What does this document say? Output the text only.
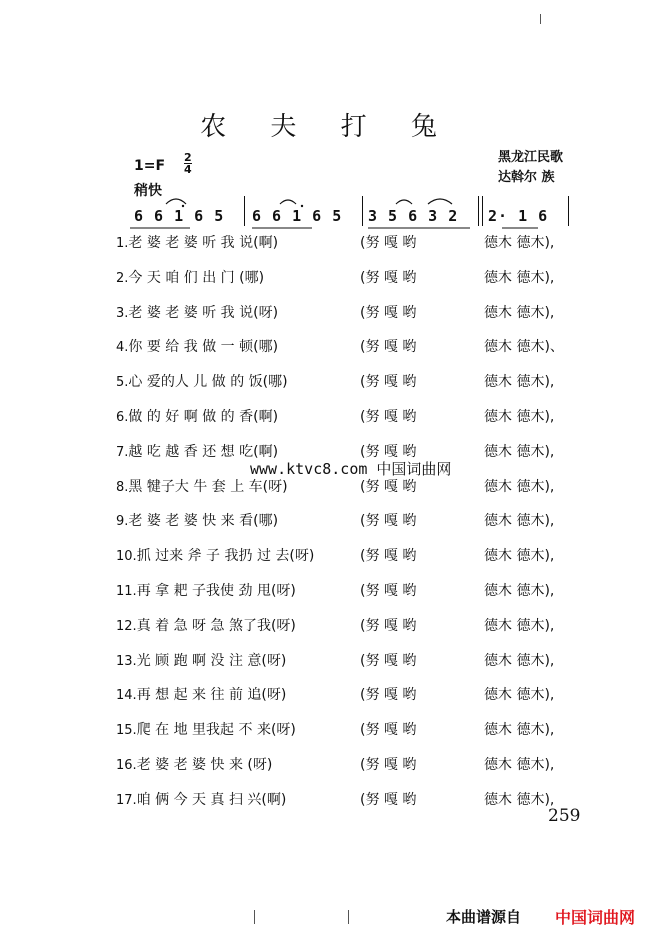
农 夫 打 兔
$1=F \frac{2}{4}$
稍快
黑龙江民歌
达斡尔 族
6 6 1 6 5 6 6 1 6 5 3 5 6 3 2 2· 1 6
1.老 婆 老 婆 听 我 说(啊)	(努 嘎 哟	德木 德木),
2.今 天 咱 们 出 门 (哪)	(努 嘎 哟	德木 德木),
3.老 婆 老 婆 听 我 说(呀)	(努 嘎 哟	德木 德木),
4.你 要 给 我 做 一 顿(哪)	(努 嘎 哟	德木 德木)、
5.心 爱的人 儿 做 的 饭(哪)	(努 嘎 哟	德木 德木),
6.做 的 好 啊 做 的 香(啊)	(努 嘎 哟	德木 德木),
7.越 吃 越 香 还 想 吃(啊)	(努 嘎 哟	德木 德木),
8.黑 犍子大 牛 套 上 车(呀)	(努 嘎 哟	德木 德木),
9.老 婆 老 婆 快 来 看(哪)	(努 嘎 哟	德木 德木),
10.抓 过来 斧 子 我扔 过 去(呀)	(努 嘎 哟	德木 德木),
11.再 拿 耙 子我使 劲 甩(呀)	(努 嘎 哟	德木 德木),
12.真 着 急 呀 急 煞了我(呀)	(努 嘎 哟	德木 德木),
13.光 顾 跑 啊 没 注 意(呀)	(努 嘎 哟	德木 德木),
14.再 想 起 来 往 前 追(呀)	(努 嘎 哟	德木 德木),
15.爬 在 地 里我起 不 来(呀)	(努 嘎 哟	德木 德木),
16.老 婆 老 婆 快 来 (呀)	(努 嘎 哟	德木 德木),
17.咱 俩 今 天 真 扫 兴(啊)	(努 嘎 哟	德木 德木),
www.ktvc8.com 中国词曲网
259
本曲谱源自 中国词曲网
